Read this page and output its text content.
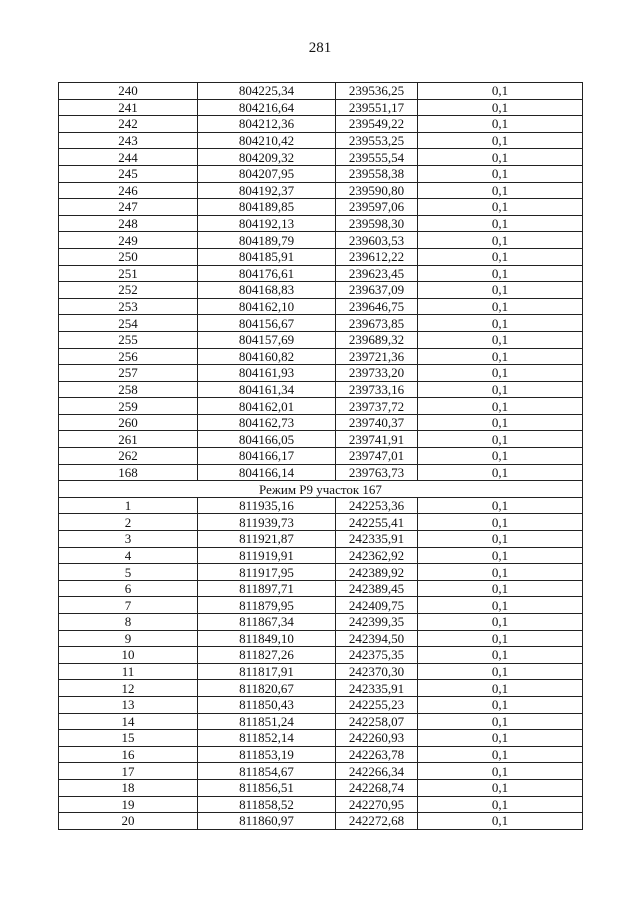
281
240	804225,34	239536,25	0,1
241	804216,64	239551,17	0,1
242	804212,36	239549,22	0,1
243	804210,42	239553,25	0,1
244	804209,32	239555,54	0,1
245	804207,95	239558,38	0,1
246	804192,37	239590,80	0,1
247	804189,85	239597,06	0,1
248	804192,13	239598,30	0,1
249	804189,79	239603,53	0,1
250	804185,91	239612,22	0,1
251	804176,61	239623,45	0,1
252	804168,83	239637,09	0,1
253	804162,10	239646,75	0,1
254	804156,67	239673,85	0,1
255	804157,69	239689,32	0,1
256	804160,82	239721,36	0,1
257	804161,93	239733,20	0,1
258	804161,34	239733,16	0,1
259	804162,01	239737,72	0,1
260	804162,73	239740,37	0,1
261	804166,05	239741,91	0,1
262	804166,17	239747,01	0,1
168	804166,14	239763,73	0,1
Режим Р9 участок 167			
1	811935,16	242253,36	0,1
2	811939,73	242255,41	0,1
3	811921,87	242335,91	0,1
4	811919,91	242362,92	0,1
5	811917,95	242389,92	0,1
6	811897,71	242389,45	0,1
7	811879,95	242409,75	0,1
8	811867,34	242399,35	0,1
9	811849,10	242394,50	0,1
10	811827,26	242375,35	0,1
11	811817,91	242370,30	0,1
12	811820,67	242335,91	0,1
13	811850,43	242255,23	0,1
14	811851,24	242258,07	0,1
15	811852,14	242260,93	0,1
16	811853,19	242263,78	0,1
17	811854,67	242266,34	0,1
18	811856,51	242268,74	0,1
19	811858,52	242270,95	0,1
20	811860,97	242272,68	0,1
